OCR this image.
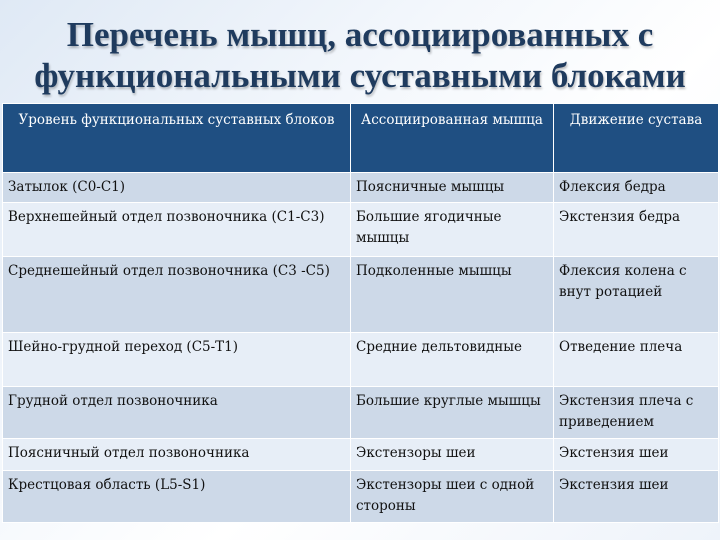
Перечень мышц, ассоциированных с
функциональными суставными блоками
Уровень функциональных суставных блоков	Ассоциированная мышца	Движение сустава
Затылок (С0-С1)	Поясничные мышцы	Флексия бедра
Верхнешейный отдел позвоночника (С1-С3)	Большие ягодичные мышцы	Экстензия бедра
Среднешейный отдел позвоночника (С3 -С5)	Подколенные мышцы	Флексия колена с внут ротацией
Шейно-грудной переход (С5-Т1)	Средние дельтовидные	Отведение плеча
Грудной отдел позвоночника	Большие круглые мышцы	Экстензия плеча с приведением
Поясничный отдел позвоночника	Экстензоры шеи	Экстензия шеи
Крестцовая область (L5-S1)	Экстензоры шеи с одной стороны	Экстензия шеи
